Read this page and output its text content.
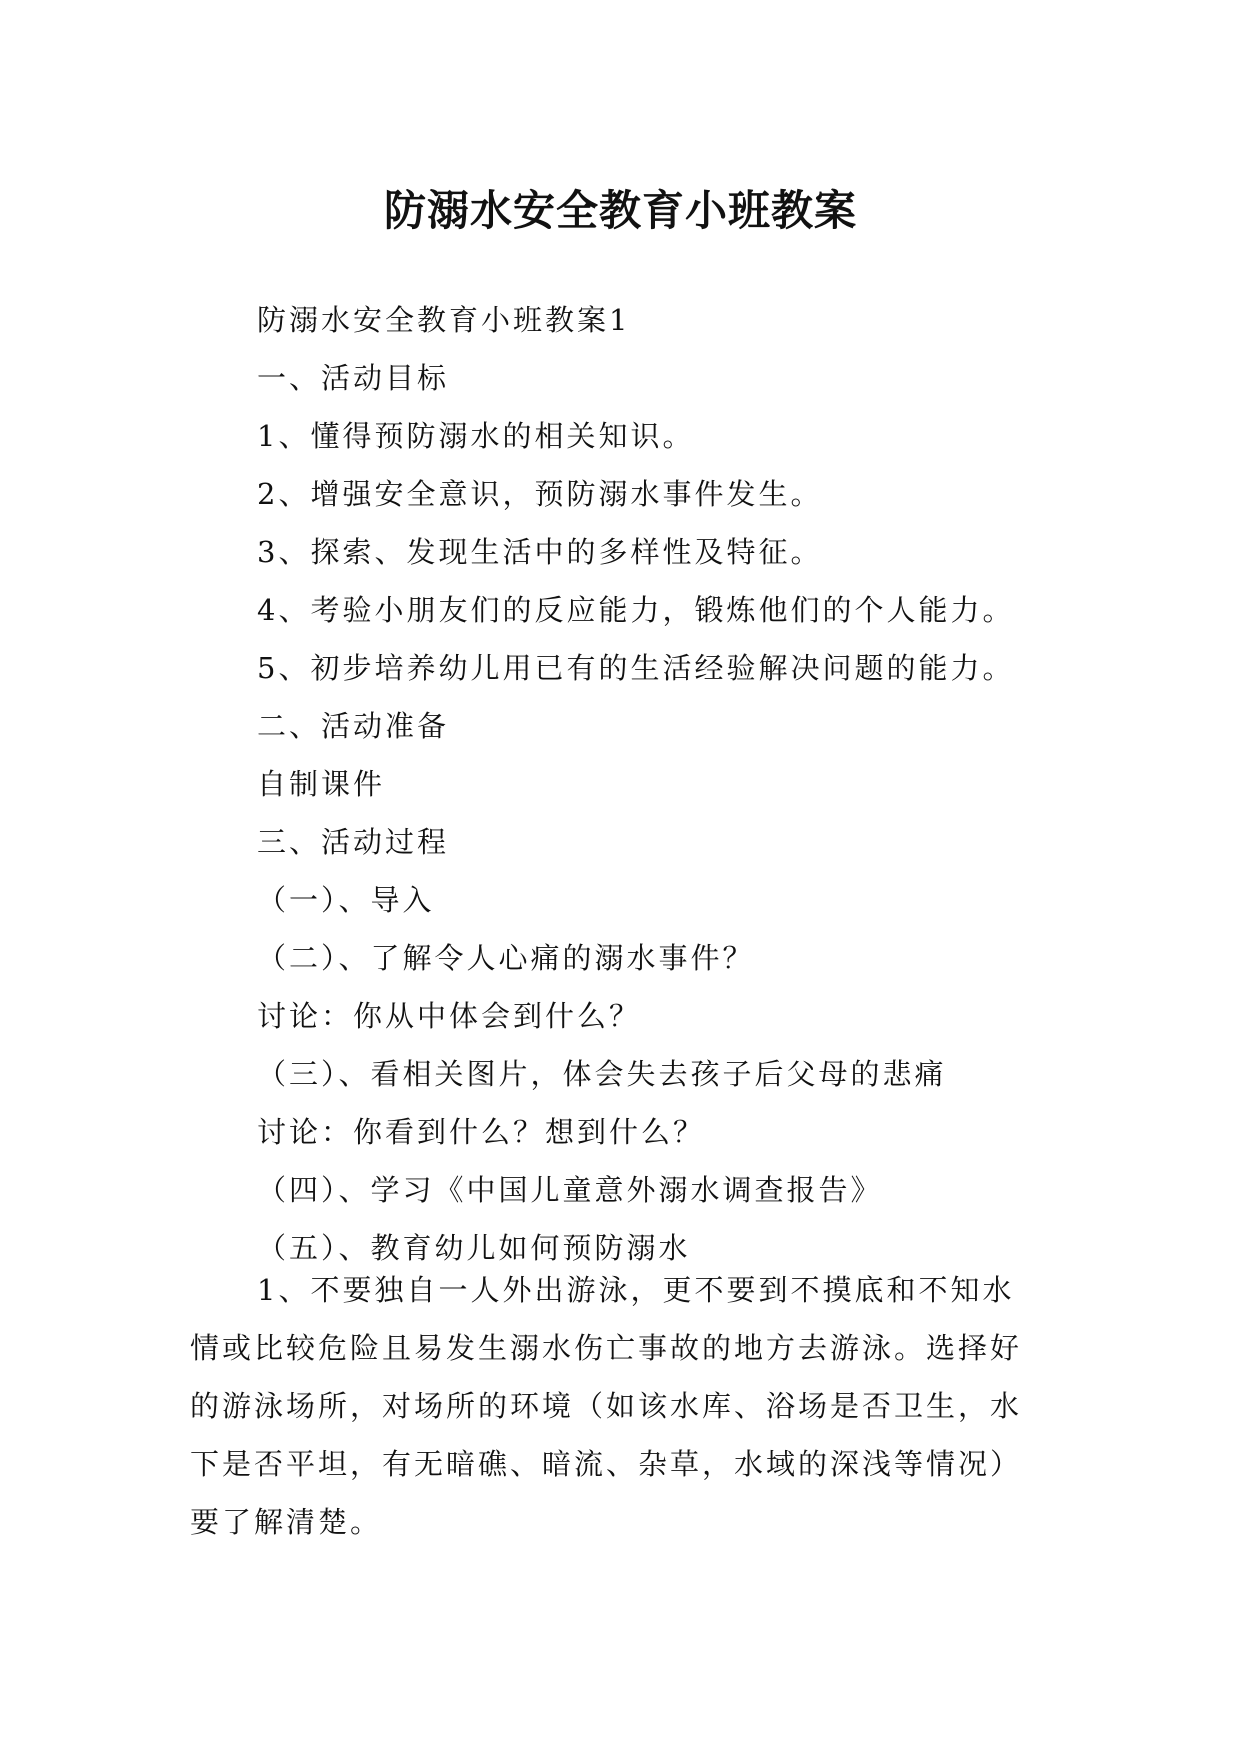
防溺水安全教育小班教案
防溺水安全教育小班教案1
一、活动目标
1、懂得预防溺水的相关知识。
2、增强安全意识，预防溺水事件发生。
3、探索、发现生活中的多样性及特征。
4、考验小朋友们的反应能力，锻炼他们的个人能力。
5、初步培养幼儿用已有的生活经验解决问题的能力。
二、活动准备
自制课件
三、活动过程
（一）、导入
（二）、了解令人心痛的溺水事件？
讨论：你从中体会到什么？
（三）、看相关图片，体会失去孩子后父母的悲痛
讨论：你看到什么？想到什么？
（四）、学习《中国儿童意外溺水调查报告》
（五）、教育幼儿如何预防溺水

1、不要独自一人外出游泳，更不要到不摸底和不知水
情或比较危险且易发生溺水伤亡事故的地方去游泳。选择好
的游泳场所，对场所的环境（如该水库、浴场是否卫生，水
下是否平坦，有无暗礁、暗流、杂草，水域的深浅等情况）
要了解清楚。
